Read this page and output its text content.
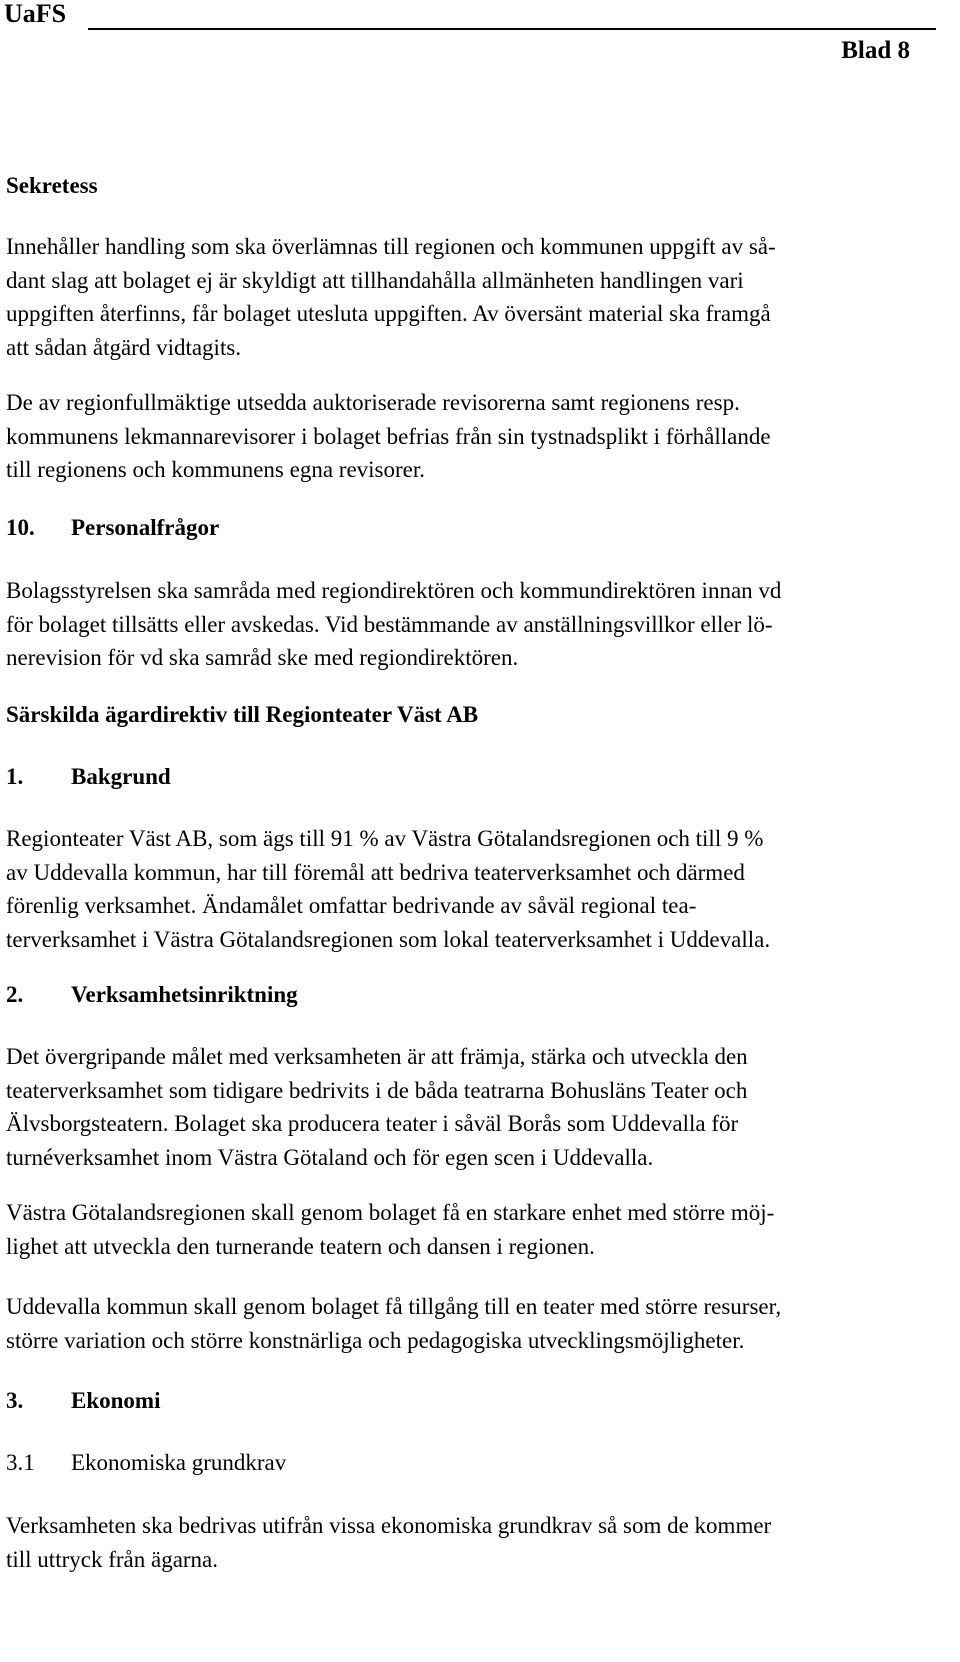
UaFS
Blad 8
Sekretess
Innehåller handling som ska överlämnas till regionen och kommunen uppgift av så-
dant slag att bolaget ej är skyldigt att tillhandahålla allmänheten handlingen vari
uppgiften återfinns, får bolaget utesluta uppgiften. Av översänt material ska framgå
att sådan åtgärd vidtagits.
De av regionfullmäktige utsedda auktoriserade revisorerna samt regionens resp.
kommunens lekmannarevisorer i bolaget befrias från sin tystnadsplikt i förhållande
till regionens och kommunens egna revisorer.
10. Personalfrågor
Bolagsstyrelsen ska samråda med regiondirektören och kommundirektören innan vd
för bolaget tillsätts eller avskedas. Vid bestämmande av anställningsvillkor eller lö-
nerevision för vd ska samråd ske med regiondirektören.
Särskilda ägardirektiv till Regionteater Väst AB
1. Bakgrund
Regionteater Väst AB, som ägs till 91 % av Västra Götalandsregionen och till 9 %
av Uddevalla kommun, har till föremål att bedriva teaterverksamhet och därmed
förenlig verksamhet. Ändamålet omfattar bedrivande av såväl regional tea-
terverksamhet i Västra Götalandsregionen som lokal teaterverksamhet i Uddevalla.
2. Verksamhetsinriktning
Det övergripande målet med verksamheten är att främja, stärka och utveckla den
teaterverksamhet som tidigare bedrivits i de båda teatrarna Bohusläns Teater och
Älvsborgsteatern. Bolaget ska producera teater i såväl Borås som Uddevalla för
turnéverksamhet inom Västra Götaland och för egen scen i Uddevalla.
Västra Götalandsregionen skall genom bolaget få en starkare enhet med större möj-
lighet att utveckla den turnerande teatern och dansen i regionen.
Uddevalla kommun skall genom bolaget få tillgång till en teater med större resurser,
större variation och större konstnärliga och pedagogiska utvecklingsmöjligheter.
3. Ekonomi
3.1 Ekonomiska grundkrav
Verksamheten ska bedrivas utifrån vissa ekonomiska grundkrav så som de kommer
till uttryck från ägarna.
